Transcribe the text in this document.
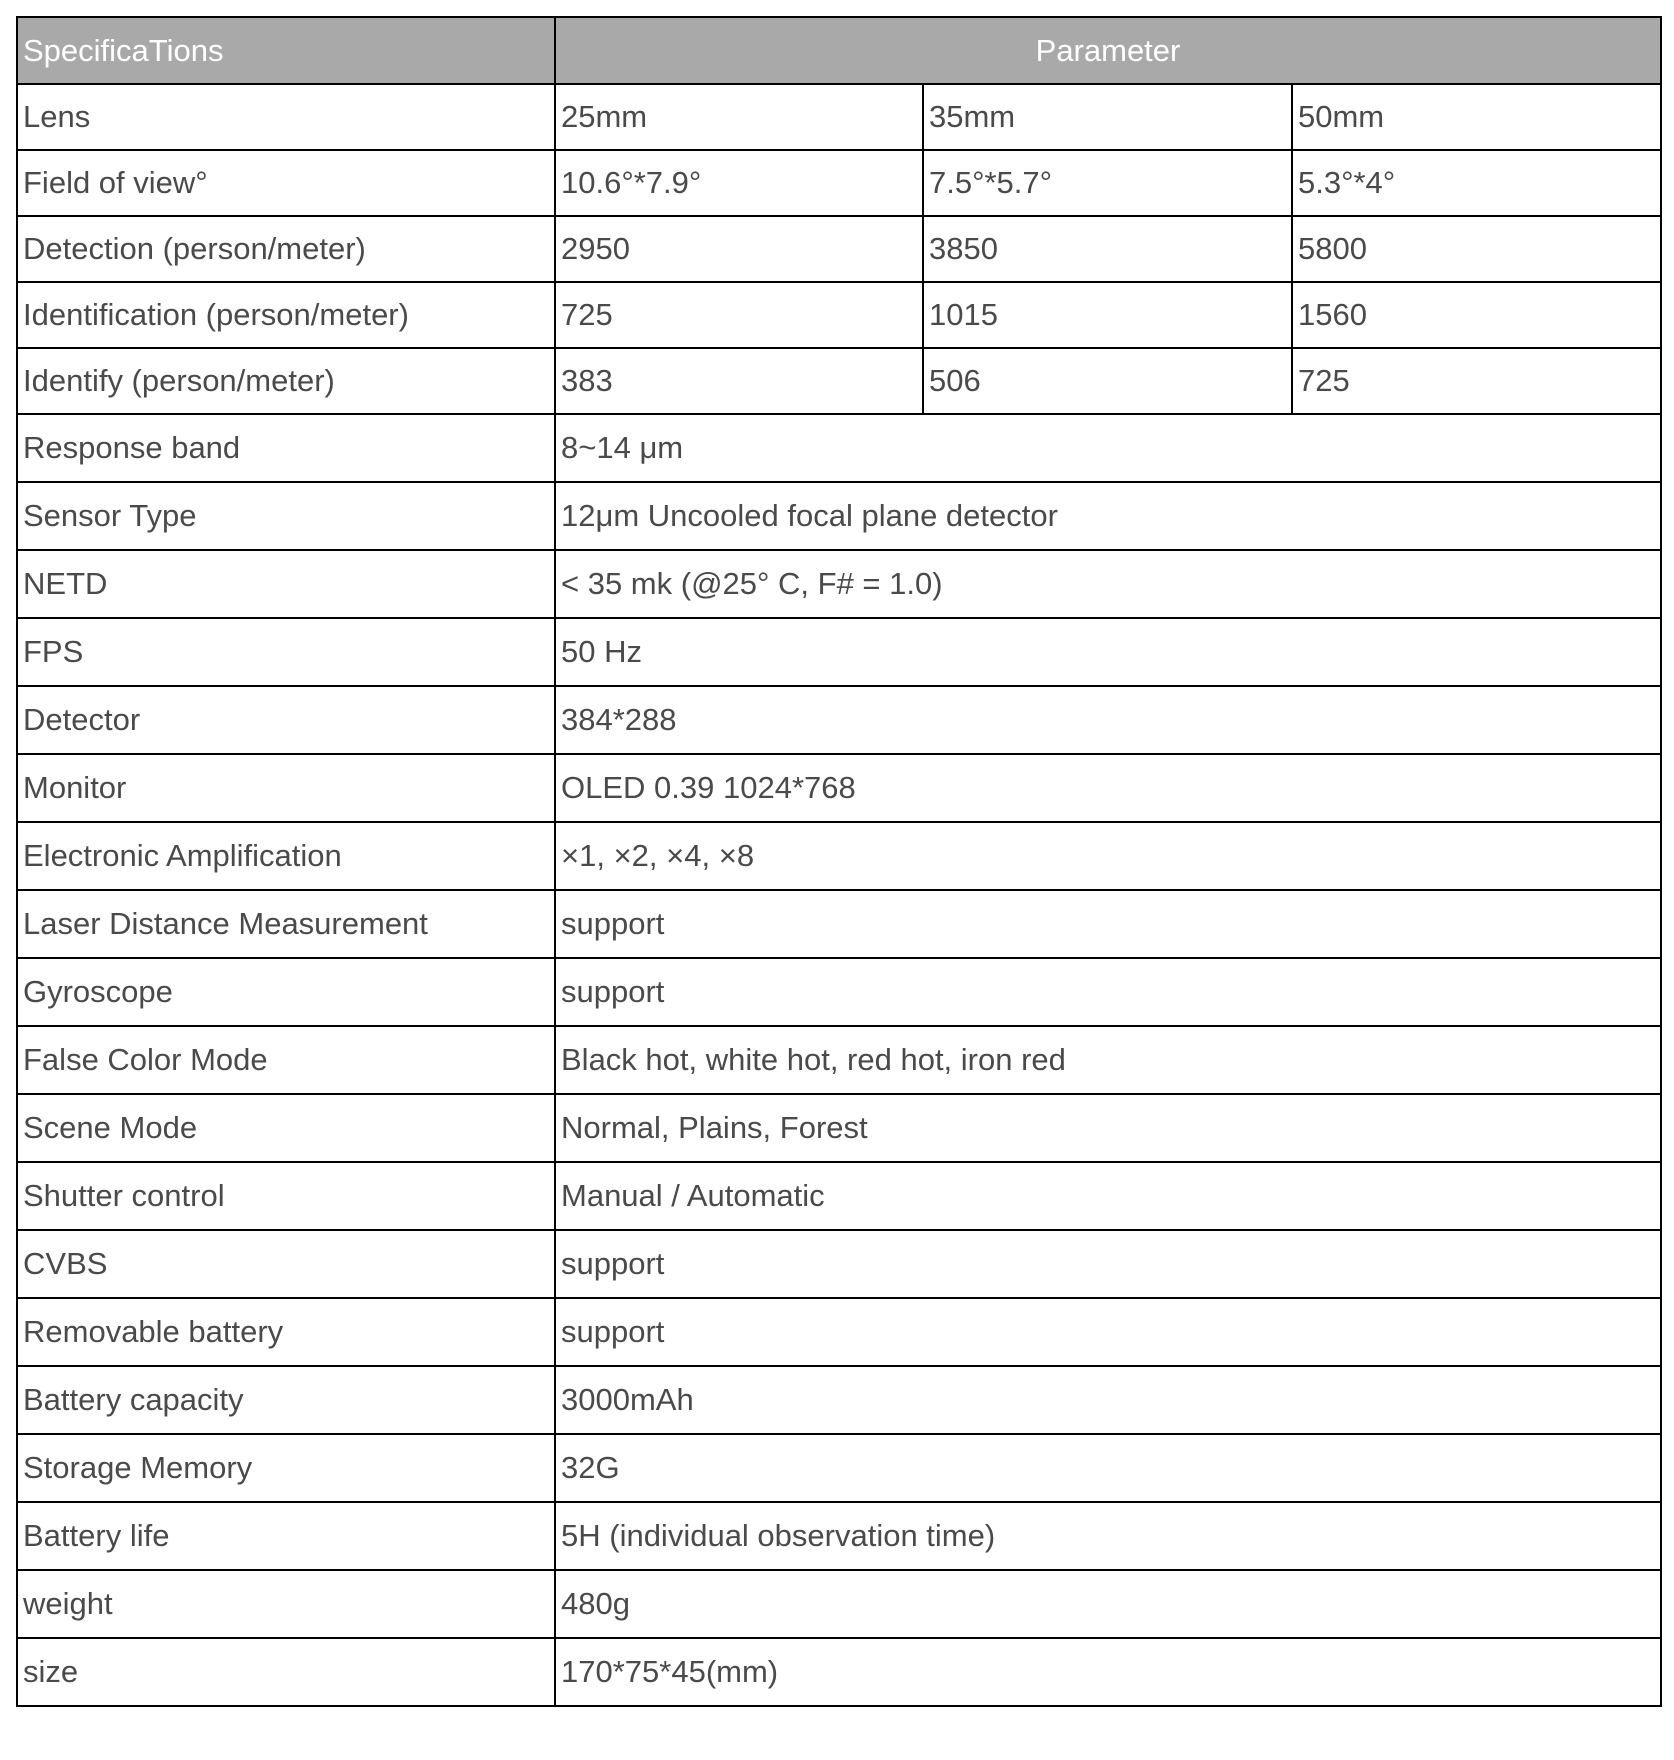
SpecificaTions	Parameter		
Lens	25mm	35mm	50mm
Field of view°	10.6°*7.9°	7.5°*5.7°	5.3°*4°
Detection (person/meter)	2950	3850	5800
Identification (person/meter)	725	1015	1560
Identify (person/meter)	383	506	725
Response band	8~14 μm		
Sensor Type	12μm Uncooled focal plane detector		
NETD	< 35 mk (@25° C, F# = 1.0)		
FPS	50 Hz		
Detector	384*288		
Monitor	OLED 0.39 1024*768		
Electronic Amplification	×1, ×2, ×4, ×8		
Laser Distance Measurement	support		
Gyroscope	support		
False Color Mode	Black hot, white hot, red hot, iron red		
Scene Mode	Normal, Plains, Forest		
Shutter control	Manual / Automatic		
CVBS	support		
Removable battery	support		
Battery capacity	3000mAh		
Storage Memory	32G		
Battery life	5H (individual observation time)		
weight	480g		
size	170*75*45(mm)		
